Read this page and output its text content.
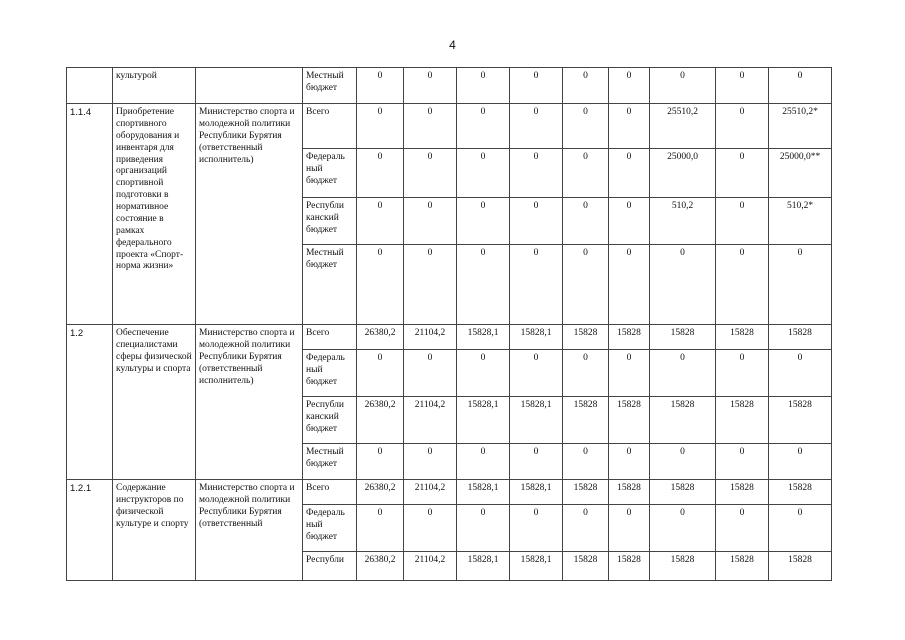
4
	культурой		Местный бюджет	0	0	0	0	0	0	0	0	0
1.1.4	Приобретение спортивного оборудования и инвентаря для приведения организаций спортивной подготовки в нормативное состояние в рамках федерального проекта «Спорт-норма жизни»	Министерство спорта и молодежной политики Республики Бурятия (ответственный исполнитель)	Всего	0	0	0	0	0	0	25510,2	0	25510,2*
			Федераль ный бюджет	0	0	0	0	0	0	25000,0	0	25000,0**
			Республи канский бюджет	0	0	0	0	0	0	510,2	0	510,2*
			Местный бюджет	0	0	0	0	0	0	0	0	0
1.2	Обеспечение специалистами сферы физической культуры и спорта	Министерство спорта и молодежной политики Республики Бурятия (ответственный исполнитель)	Всего	26380,2	21104,2	15828,1	15828,1	15828	15828	15828	15828	15828
			Федераль ный бюджет	0	0	0	0	0	0	0	0	0
			Республи канский бюджет	26380,2	21104,2	15828,1	15828,1	15828	15828	15828	15828	15828
			Местный бюджет	0	0	0	0	0	0	0	0	0
1.2.1	Содержание инструкторов по физической культуре и спорту	Министерство спорта и молодежной политики Республики Бурятия (ответственный	Всего	26380,2	21104,2	15828,1	15828,1	15828	15828	15828	15828	15828
			Федераль ный бюджет	0	0	0	0	0	0	0	0	0
			Республи	26380,2	21104,2	15828,1	15828,1	15828	15828	15828	15828	15828
